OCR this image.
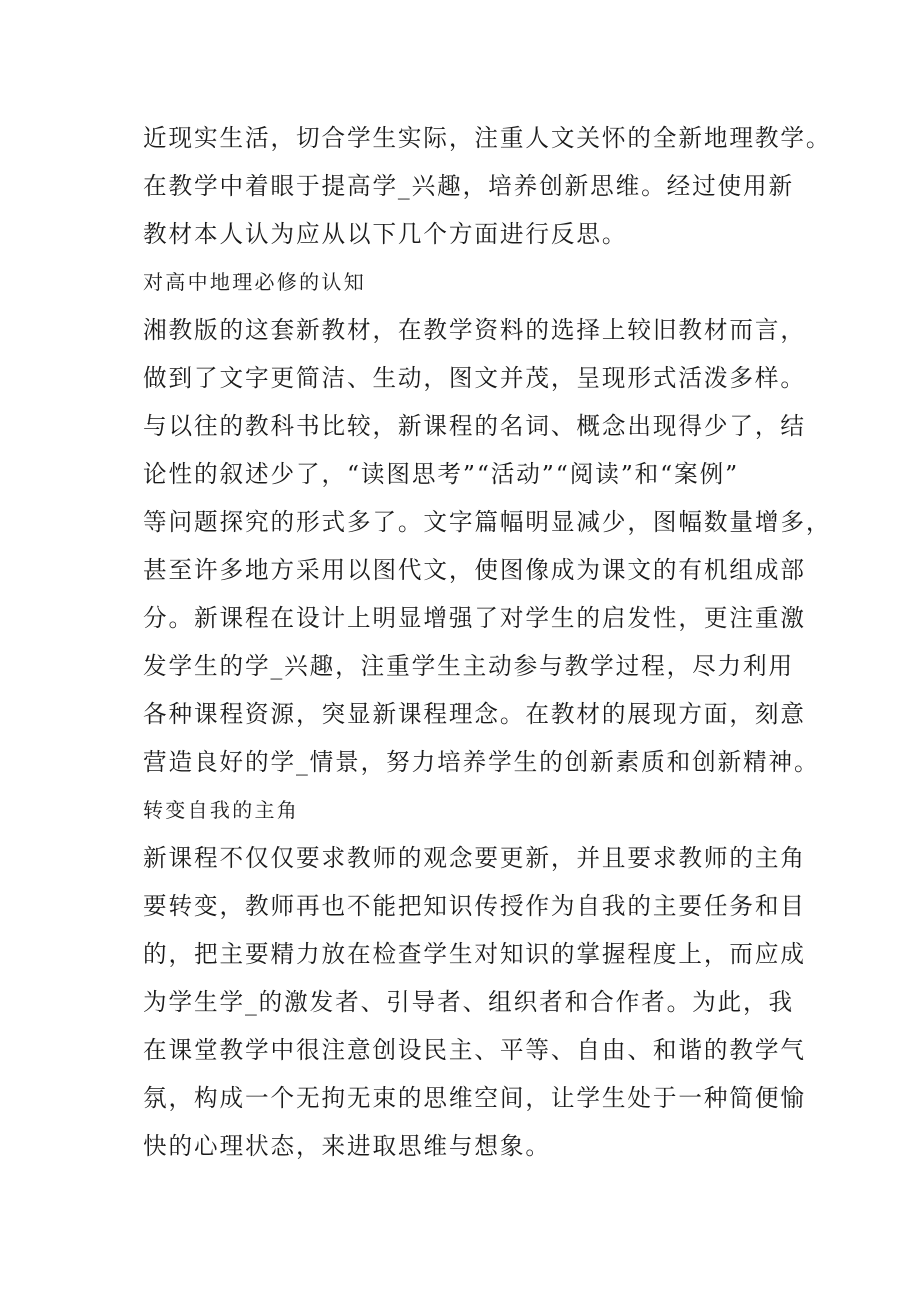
近现实生活，切合学生实际，注重人文关怀的全新地理教学。
在教学中着眼于提高学_兴趣，培养创新思维。经过使用新
教材本人认为应从以下几个方面进行反思。
对高中地理必修的认知
湘教版的这套新教材，在教学资料的选择上较旧教材而言，
做到了文字更简洁、生动，图文并茂，呈现形式活泼多样。
与以往的教科书比较，新课程的名词、概念出现得少了，结
论性的叙述少了，“读图思考”“活动”“阅读”和“案例”
等问题探究的形式多了。文字篇幅明显减少，图幅数量增多，
甚至许多地方采用以图代文，使图像成为课文的有机组成部
分。新课程在设计上明显增强了对学生的启发性，更注重激
发学生的学_兴趣，注重学生主动参与教学过程，尽力利用
各种课程资源，突显新课程理念。在教材的展现方面，刻意
营造良好的学_情景，努力培养学生的创新素质和创新精神。
转变自我的主角
新课程不仅仅要求教师的观念要更新，并且要求教师的主角
要转变，教师再也不能把知识传授作为自我的主要任务和目
的，把主要精力放在检查学生对知识的掌握程度上，而应成
为学生学_的激发者、引导者、组织者和合作者。为此，我
在课堂教学中很注意创设民主、平等、自由、和谐的教学气
氛，构成一个无拘无束的思维空间，让学生处于一种简便愉
快的心理状态，来进取思维与想象。
